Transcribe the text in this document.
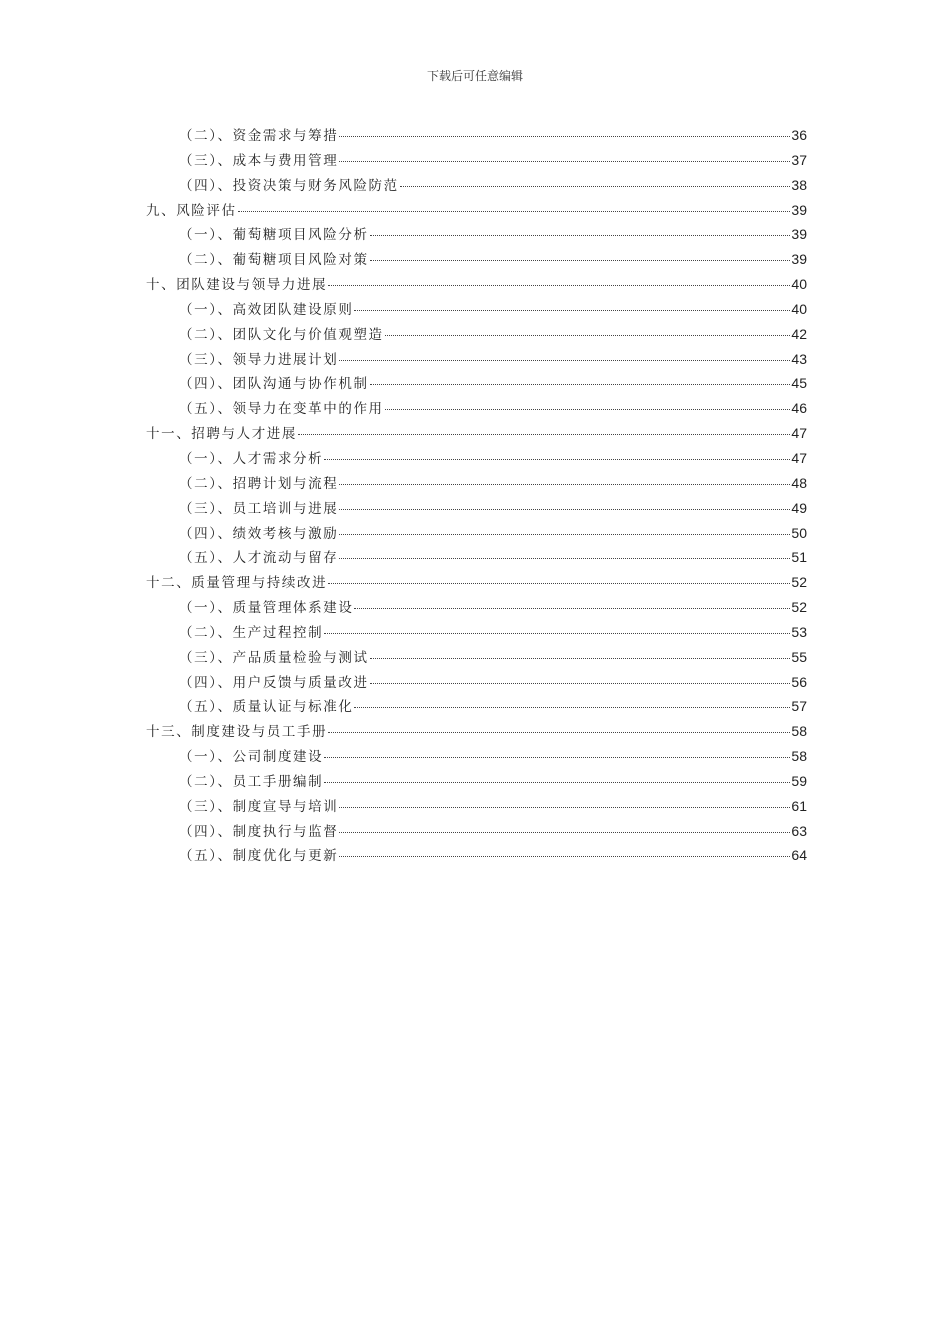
下载后可任意编辑
（二）、资金需求与筹措	36
（三）、成本与费用管理	37
（四）、投资决策与财务风险防范	38
九、风险评估	39
（一）、葡萄糖项目风险分析	39
（二）、葡萄糖项目风险对策	39
十、团队建设与领导力进展	40
（一）、高效团队建设原则	40
（二）、团队文化与价值观塑造	42
（三）、领导力进展计划	43
（四）、团队沟通与协作机制	45
（五）、领导力在变革中的作用	46
十一、招聘与人才进展	47
（一）、人才需求分析	47
（二）、招聘计划与流程	48
（三）、员工培训与进展	49
（四）、绩效考核与激励	50
（五）、人才流动与留存	51
十二、质量管理与持续改进	52
（一）、质量管理体系建设	52
（二）、生产过程控制	53
（三）、产品质量检验与测试	55
（四）、用户反馈与质量改进	56
（五）、质量认证与标准化	57
十三、制度建设与员工手册	58
（一）、公司制度建设	58
（二）、员工手册编制	59
（三）、制度宣导与培训	61
（四）、制度执行与监督	63
（五）、制度优化与更新	64
